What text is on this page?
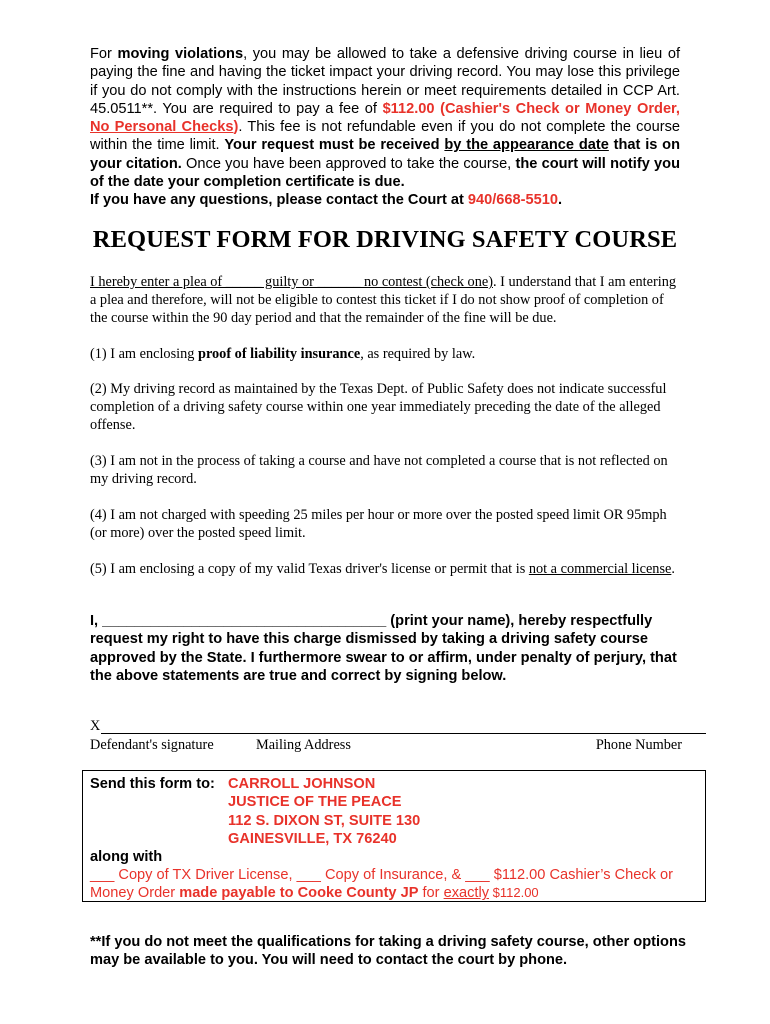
For moving violations, you may be allowed to take a defensive driving course in lieu of paying the fine and having the ticket impact your driving record. You may lose this privilege if you do not comply with the instructions herein or meet requirements detailed in CCP Art. 45.0511**. You are required to pay a fee of $112.00 (Cashier's Check or Money Order, No Personal Checks). This fee is not refundable even if you do not complete the course within the time limit. Your request must be received by the appearance date that is on your citation. Once you have been approved to take the course, the court will notify you of the date your completion certificate is due.
If you have any questions, please contact the Court at 940/668-5510.
REQUEST FORM FOR DRIVING SAFETY COURSE
I hereby enter a plea of _____ guilty or ______ no contest (check one). I understand that I am entering a plea and therefore, will not be eligible to contest this ticket if I do not show proof of completion of the course within the 90 day period and that the remainder of the fine will be due.
(1) I am enclosing proof of liability insurance, as required by law.
(2) My driving record as maintained by the Texas Dept. of Public Safety does not indicate successful completion of a driving safety course within one year immediately preceding the date of the alleged offense.
(3) I am not in the process of taking a course and have not completed a course that is not reflected on my driving record.
(4) I am not charged with speeding 25 miles per hour or more over the posted speed limit OR 95mph (or more) over the posted speed limit.
(5) I am enclosing a copy of my valid Texas driver's license or permit that is not a commercial license.
I, ___________________________________ (print your name), hereby respectfully request my right to have this charge dismissed by taking a driving safety course approved by the State. I furthermore swear to or affirm, under penalty of perjury, that the above statements are true and correct by signing below.
X
Defendant's signature	Mailing Address	Phone Number
Send this form to: CARROLL JOHNSON
JUSTICE OF THE PEACE
112 S. DIXON ST, SUITE 130
GAINESVILLE, TX 76240
along with
___ Copy of TX Driver License, ___ Copy of Insurance, & ___ $112.00 Cashier’s Check or Money Order made payable to Cooke County JP for exactly $112.00
**If you do not meet the qualifications for taking a driving safety course, other options may be available to you. You will need to contact the court by phone.
